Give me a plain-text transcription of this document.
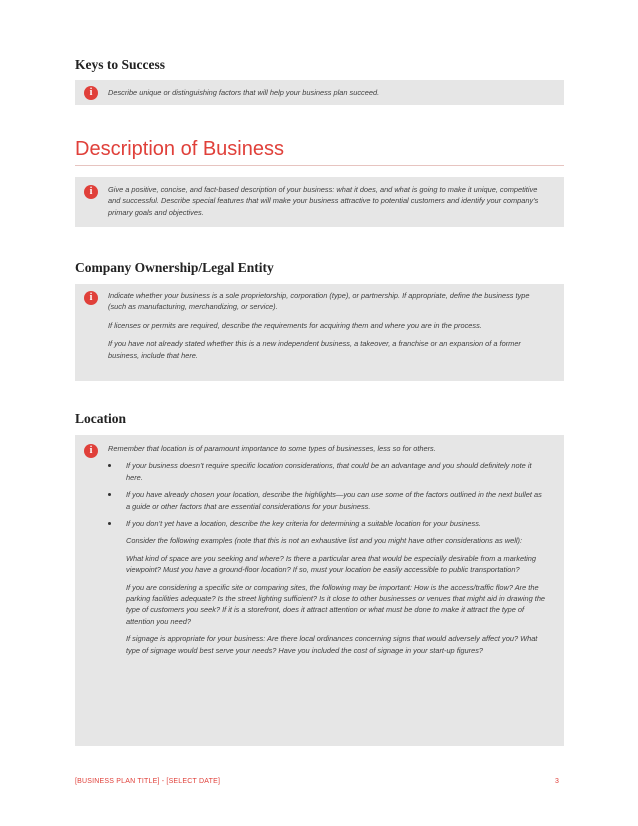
Keys to Success
i	Describe unique or distinguishing factors that will help your business plan succeed.

Description of Business
i	Give a positive, concise, and fact-based description of your business: what it does, and what is going to make it unique, competitive and successful. Describe special features that will make your business attractive to potential customers and identify your company’s primary goals and objectives.

Company Ownership/Legal Entity
i	Indicate whether your business is a sole proprietorship, corporation (type), or partnership. If appropriate, define the business type (such as manufacturing, merchandizing, or service).

If licenses or permits are required, describe the requirements for acquiring them and where you are in the process.

If you have not already stated whether this is a new independent business, a takeover, a franchise or an expansion of a former business, include that here.

Location
i	Remember that location is of paramount importance to some types of businesses, less so for others.

If your business doesn’t require specific location considerations, that could be an advantage and you should definitely note it here.
If you have already chosen your location, describe the highlights—you can use some of the factors outlined in the next bullet as a guide or other factors that are essential considerations for your business.
If you don’t yet have a location, describe the key criteria for determining a suitable location for your business.

Consider the following examples (note that this is not an exhaustive list and you might have other considerations as well):

What kind of space are you seeking and where? Is there a particular area that would be especially desirable from a marketing viewpoint? Must you have a ground-floor location? If so, must your location be easily accessible to public transportation?

If you are considering a specific site or comparing sites, the following may be important: How is the access/traffic flow? Are the parking facilities adequate? Is the street lighting sufficient? Is it close to other businesses or venues that might aid in drawing the type of customers you seek? If it is a storefront, does it attract attention or what must be done to make it attract the type of attention you need?

If signage is appropriate for your business: Are there local ordinances concerning signs that would adversely affect you? What type of signage would best serve your needs? Have you included the cost of signage in your start-up figures?

[BUSINESS PLAN TITLE] - [SELECT DATE]	3
